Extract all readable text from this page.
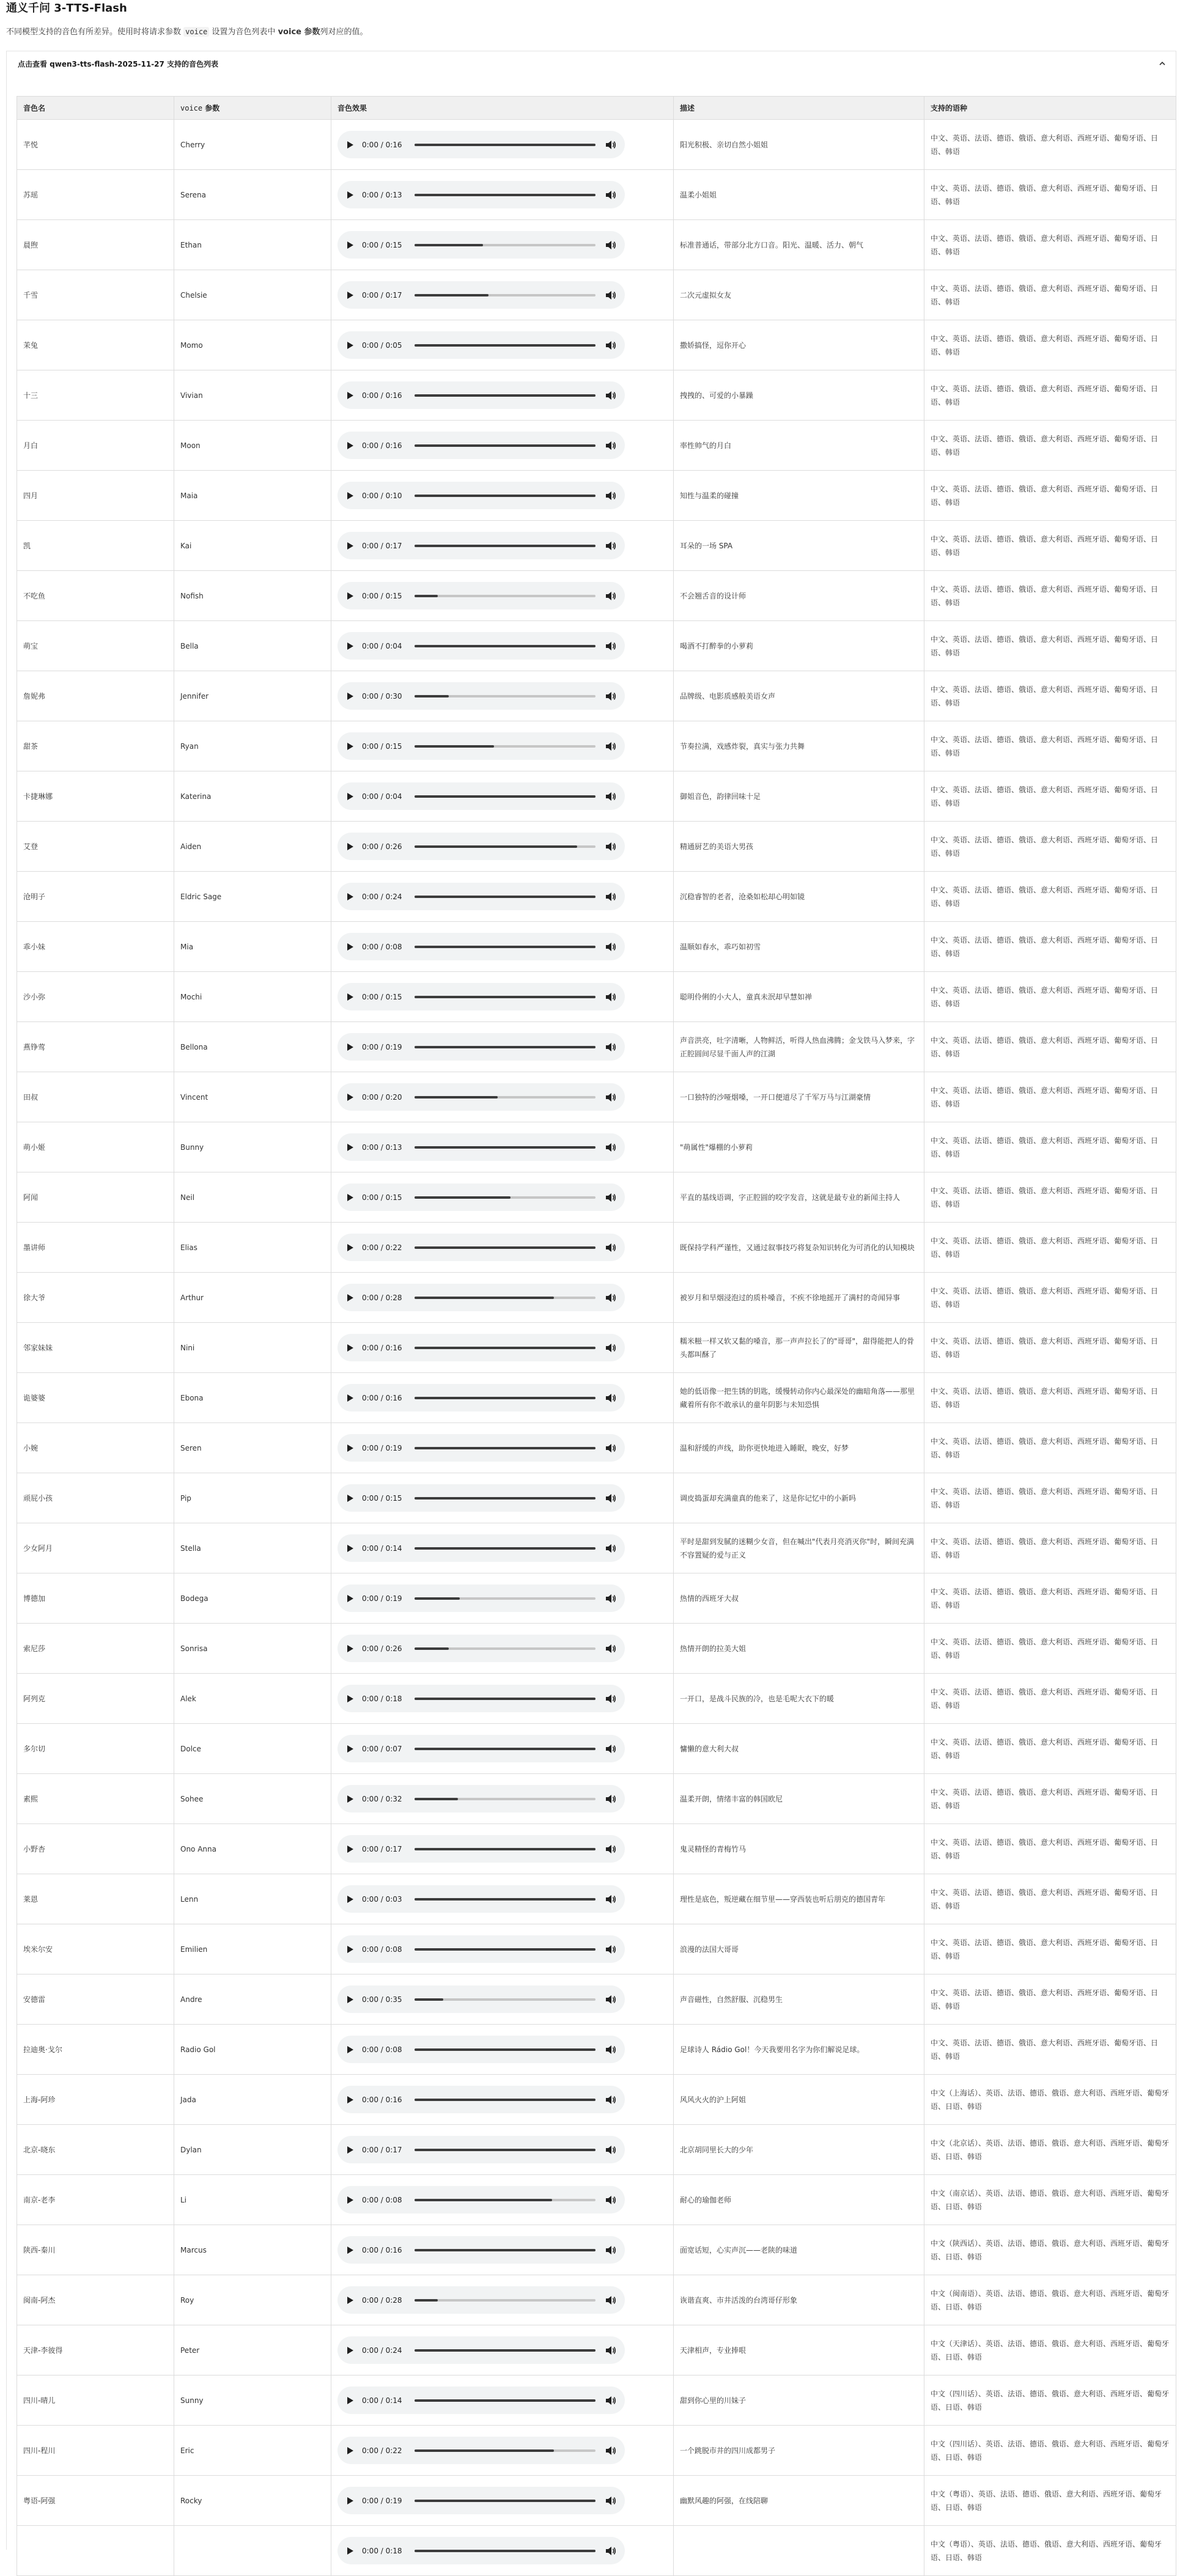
通义千问 3-TTS-Flash

不同模型支持的音色有所差异。使用时将请求参数 voice 设置为音色列表中 voice 参数列对应的值。

点击查看 qwen3-tts-flash-2025-11-27 支持的音色列表
音色名	voice 参数	音色效果	描述	支持的语种
芊悦	Cherry	0:00 / 0:16	阳光积极、亲切自然小姐姐	中文、英语、法语、德语、俄语、意大利语、西班牙语、葡萄牙语、日语、韩语
苏瑶	Serena	0:00 / 0:13	温柔小姐姐	中文、英语、法语、德语、俄语、意大利语、西班牙语、葡萄牙语、日语、韩语
晨煦	Ethan	0:00 / 0:15	标准普通话，带部分北方口音。阳光、温暖、活力、朝气	中文、英语、法语、德语、俄语、意大利语、西班牙语、葡萄牙语、日语、韩语
千雪	Chelsie	0:00 / 0:17	二次元虚拟女友	中文、英语、法语、德语、俄语、意大利语、西班牙语、葡萄牙语、日语、韩语
茉兔	Momo	0:00 / 0:05	撒娇搞怪，逗你开心	中文、英语、法语、德语、俄语、意大利语、西班牙语、葡萄牙语、日语、韩语
十三	Vivian	0:00 / 0:16	拽拽的、可爱的小暴躁	中文、英语、法语、德语、俄语、意大利语、西班牙语、葡萄牙语、日语、韩语
月白	Moon	0:00 / 0:16	率性帅气的月白	中文、英语、法语、德语、俄语、意大利语、西班牙语、葡萄牙语、日语、韩语
四月	Maia	0:00 / 0:10	知性与温柔的碰撞	中文、英语、法语、德语、俄语、意大利语、西班牙语、葡萄牙语、日语、韩语
凯	Kai	0:00 / 0:17	耳朵的一场 SPA	中文、英语、法语、德语、俄语、意大利语、西班牙语、葡萄牙语、日语、韩语
不吃鱼	Nofish	0:00 / 0:15	不会翘舌音的设计师	中文、英语、法语、德语、俄语、意大利语、西班牙语、葡萄牙语、日语、韩语
萌宝	Bella	0:00 / 0:04	喝酒不打醉拳的小萝莉	中文、英语、法语、德语、俄语、意大利语、西班牙语、葡萄牙语、日语、韩语
詹妮弗	Jennifer	0:00 / 0:30	品牌级、电影质感般美语女声	中文、英语、法语、德语、俄语、意大利语、西班牙语、葡萄牙语、日语、韩语
甜茶	Ryan	0:00 / 0:15	节奏拉满，戏感炸裂，真实与张力共舞	中文、英语、法语、德语、俄语、意大利语、西班牙语、葡萄牙语、日语、韩语
卡捷琳娜	Katerina	0:00 / 0:04	御姐音色，韵律回味十足	中文、英语、法语、德语、俄语、意大利语、西班牙语、葡萄牙语、日语、韩语
艾登	Aiden	0:00 / 0:26	精通厨艺的美语大男孩	中文、英语、法语、德语、俄语、意大利语、西班牙语、葡萄牙语、日语、韩语
沧明子	Eldric Sage	0:00 / 0:24	沉稳睿智的老者，沧桑如松却心明如镜	中文、英语、法语、德语、俄语、意大利语、西班牙语、葡萄牙语、日语、韩语
乖小妹	Mia	0:00 / 0:08	温顺如春水，乖巧如初雪	中文、英语、法语、德语、俄语、意大利语、西班牙语、葡萄牙语、日语、韩语
沙小弥	Mochi	0:00 / 0:15	聪明伶俐的小大人，童真未泯却早慧如禅	中文、英语、法语、德语、俄语、意大利语、西班牙语、葡萄牙语、日语、韩语
燕铮莺	Bellona	0:00 / 0:19	声音洪亮，吐字清晰，人物鲜活，听得人热血沸腾；金戈铁马入梦来，字正腔圆间尽显千面人声的江湖	中文、英语、法语、德语、俄语、意大利语、西班牙语、葡萄牙语、日语、韩语
田叔	Vincent	0:00 / 0:20	一口独特的沙哑烟嗓，一开口便道尽了千军万马与江湖豪情	中文、英语、法语、德语、俄语、意大利语、西班牙语、葡萄牙语、日语、韩语
萌小姬	Bunny	0:00 / 0:13	"萌属性"爆棚的小萝莉	中文、英语、法语、德语、俄语、意大利语、西班牙语、葡萄牙语、日语、韩语
阿闻	Neil	0:00 / 0:15	平直的基线语调，字正腔圆的咬字发音，这就是最专业的新闻主持人	中文、英语、法语、德语、俄语、意大利语、西班牙语、葡萄牙语、日语、韩语
墨讲师	Elias	0:00 / 0:22	既保持学科严谨性，又通过叙事技巧将复杂知识转化为可消化的认知模块	中文、英语、法语、德语、俄语、意大利语、西班牙语、葡萄牙语、日语、韩语
徐大爷	Arthur	0:00 / 0:28	被岁月和旱烟浸泡过的质朴嗓音，不疾不徐地摇开了满村的奇闻异事	中文、英语、法语、德语、俄语、意大利语、西班牙语、葡萄牙语、日语、韩语
邻家妹妹	Nini	0:00 / 0:16	糯米糍一样又软又黏的嗓音，那一声声拉长了的"哥哥"，甜得能把人的骨头都叫酥了	中文、英语、法语、德语、俄语、意大利语、西班牙语、葡萄牙语、日语、韩语
诡婆婆	Ebona	0:00 / 0:16	她的低语像一把生锈的钥匙，缓慢转动你内心最深处的幽暗角落——那里藏着所有你不敢承认的童年阴影与未知恐惧	中文、英语、法语、德语、俄语、意大利语、西班牙语、葡萄牙语、日语、韩语
小婉	Seren	0:00 / 0:19	温和舒缓的声线，助你更快地进入睡眠，晚安，好梦	中文、英语、法语、德语、俄语、意大利语、西班牙语、葡萄牙语、日语、韩语
顽屁小孩	Pip	0:00 / 0:15	调皮捣蛋却充满童真的他来了，这是你记忆中的小新吗	中文、英语、法语、德语、俄语、意大利语、西班牙语、葡萄牙语、日语、韩语
少女阿月	Stella	0:00 / 0:14	平时是甜到发腻的迷糊少女音，但在喊出"代表月亮消灭你"时，瞬间充满不容置疑的爱与正义	中文、英语、法语、德语、俄语、意大利语、西班牙语、葡萄牙语、日语、韩语
博德加	Bodega	0:00 / 0:19	热情的西班牙大叔	中文、英语、法语、德语、俄语、意大利语、西班牙语、葡萄牙语、日语、韩语
索尼莎	Sonrisa	0:00 / 0:26	热情开朗的拉美大姐	中文、英语、法语、德语、俄语、意大利语、西班牙语、葡萄牙语、日语、韩语
阿列克	Alek	0:00 / 0:18	一开口，是战斗民族的冷，也是毛呢大衣下的暖	中文、英语、法语、德语、俄语、意大利语、西班牙语、葡萄牙语、日语、韩语
多尔切	Dolce	0:00 / 0:07	慵懒的意大利大叔	中文、英语、法语、德语、俄语、意大利语、西班牙语、葡萄牙语、日语、韩语
素熙	Sohee	0:00 / 0:32	温柔开朗，情绪丰富的韩国欧尼	中文、英语、法语、德语、俄语、意大利语、西班牙语、葡萄牙语、日语、韩语
小野杏	Ono Anna	0:00 / 0:17	鬼灵精怪的青梅竹马	中文、英语、法语、德语、俄语、意大利语、西班牙语、葡萄牙语、日语、韩语
莱恩	Lenn	0:00 / 0:03	理性是底色，叛逆藏在细节里——穿西装也听后朋克的德国青年	中文、英语、法语、德语、俄语、意大利语、西班牙语、葡萄牙语、日语、韩语
埃米尔安	Emilien	0:00 / 0:08	浪漫的法国大哥哥	中文、英语、法语、德语、俄语、意大利语、西班牙语、葡萄牙语、日语、韩语
安德雷	Andre	0:00 / 0:35	声音磁性，自然舒服、沉稳男生	中文、英语、法语、德语、俄语、意大利语、西班牙语、葡萄牙语、日语、韩语
拉迪奥·戈尔	Radio Gol	0:00 / 0:08	足球诗人 Rádio Gol！今天我要用名字为你们解说足球。	中文、英语、法语、德语、俄语、意大利语、西班牙语、葡萄牙语、日语、韩语
上海-阿珍	Jada	0:00 / 0:16	风风火火的沪上阿姐	中文（上海话）、英语、法语、德语、俄语、意大利语、西班牙语、葡萄牙语、日语、韩语
北京-晓东	Dylan	0:00 / 0:17	北京胡同里长大的少年	中文（北京话）、英语、法语、德语、俄语、意大利语、西班牙语、葡萄牙语、日语、韩语
南京-老李	Li	0:00 / 0:08	耐心的瑜伽老师	中文（南京话）、英语、法语、德语、俄语、意大利语、西班牙语、葡萄牙语、日语、韩语
陕西-秦川	Marcus	0:00 / 0:16	面宽话短，心实声沉——老陕的味道	中文（陕西话）、英语、法语、德语、俄语、意大利语、西班牙语、葡萄牙语、日语、韩语
闽南-阿杰	Roy	0:00 / 0:28	诙谐直爽、市井活泼的台湾哥仔形象	中文（闽南语）、英语、法语、德语、俄语、意大利语、西班牙语、葡萄牙语、日语、韩语
天津-李彼得	Peter	0:00 / 0:24	天津相声，专业捧哏	中文（天津话）、英语、法语、德语、俄语、意大利语、西班牙语、葡萄牙语、日语、韩语
四川-晴儿	Sunny	0:00 / 0:14	甜到你心里的川妹子	中文（四川话）、英语、法语、德语、俄语、意大利语、西班牙语、葡萄牙语、日语、韩语
四川-程川	Eric	0:00 / 0:22	一个跳脱市井的四川成都男子	中文（四川话）、英语、法语、德语、俄语、意大利语、西班牙语、葡萄牙语、日语、韩语
粤语-阿强	Rocky	0:00 / 0:19	幽默风趣的阿强，在线陪聊	中文（粤语）、英语、法语、德语、俄语、意大利语、西班牙语、葡萄牙语、日语、韩语

		0:00 / 0:18		中文（粤语）、英语、法语、德语、俄语、意大利语、西班牙语、葡萄牙语、日语、韩语
